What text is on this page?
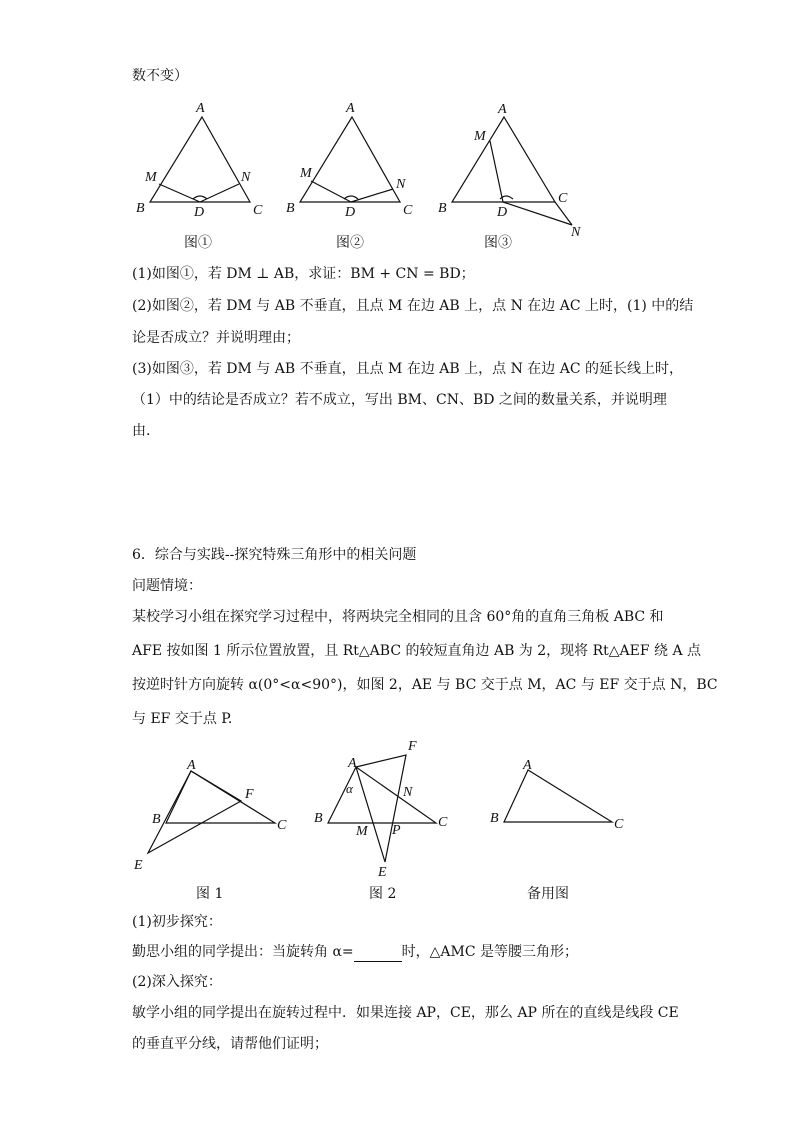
数不变）
A
B	C
D
M	N
A
B	C
D
M
N
A
B
C
D
M
N
A
B	C
E
F
A
B	C
E
F
M
N
P
α
A
B	C
图①	图②	图③
(1)如图①，若 DM ⊥ AB，求证：BM + CN = BD；
(2)如图②，若 DM 与 AB 不垂直，且点 M 在边 AB 上，点 N 在边 AC 上时，(1) 中的结
论是否成立？并说明理由；
(3)如图③，若 DM 与 AB 不垂直，且点 M 在边 AB 上，点 N 在边 AC 的延长线上时，
（1）中的结论是否成立？若不成立，写出 BM、CN、BD 之间的数量关系，并说明理
由.
6．综合与实践--探究特殊三角形中的相关问题
问题情境：
某校学习小组在探究学习过程中，将两块完全相同的且含 60°角的直角三角板 ABC 和
AFE 按如图 1 所示位置放置，且 Rt△ABC 的较短直角边 AB 为 2，现将 Rt△AEF 绕 A 点
按逆时针方向旋转 α(0°<α<90°)，如图 2，AE 与 BC 交于点 M，AC 与 EF 交于点 N，BC
与 EF 交于点 P.
图 1	图 2	备用图
(1)初步探究：
勤思小组的同学提出：当旋转角 α=	时，△AMC 是等腰三角形；
(2)深入探究：
敏学小组的同学提出在旋转过程中．如果连接 AP，CE，那么 AP 所在的直线是线段 CE
的垂直平分线，请帮他们证明；
